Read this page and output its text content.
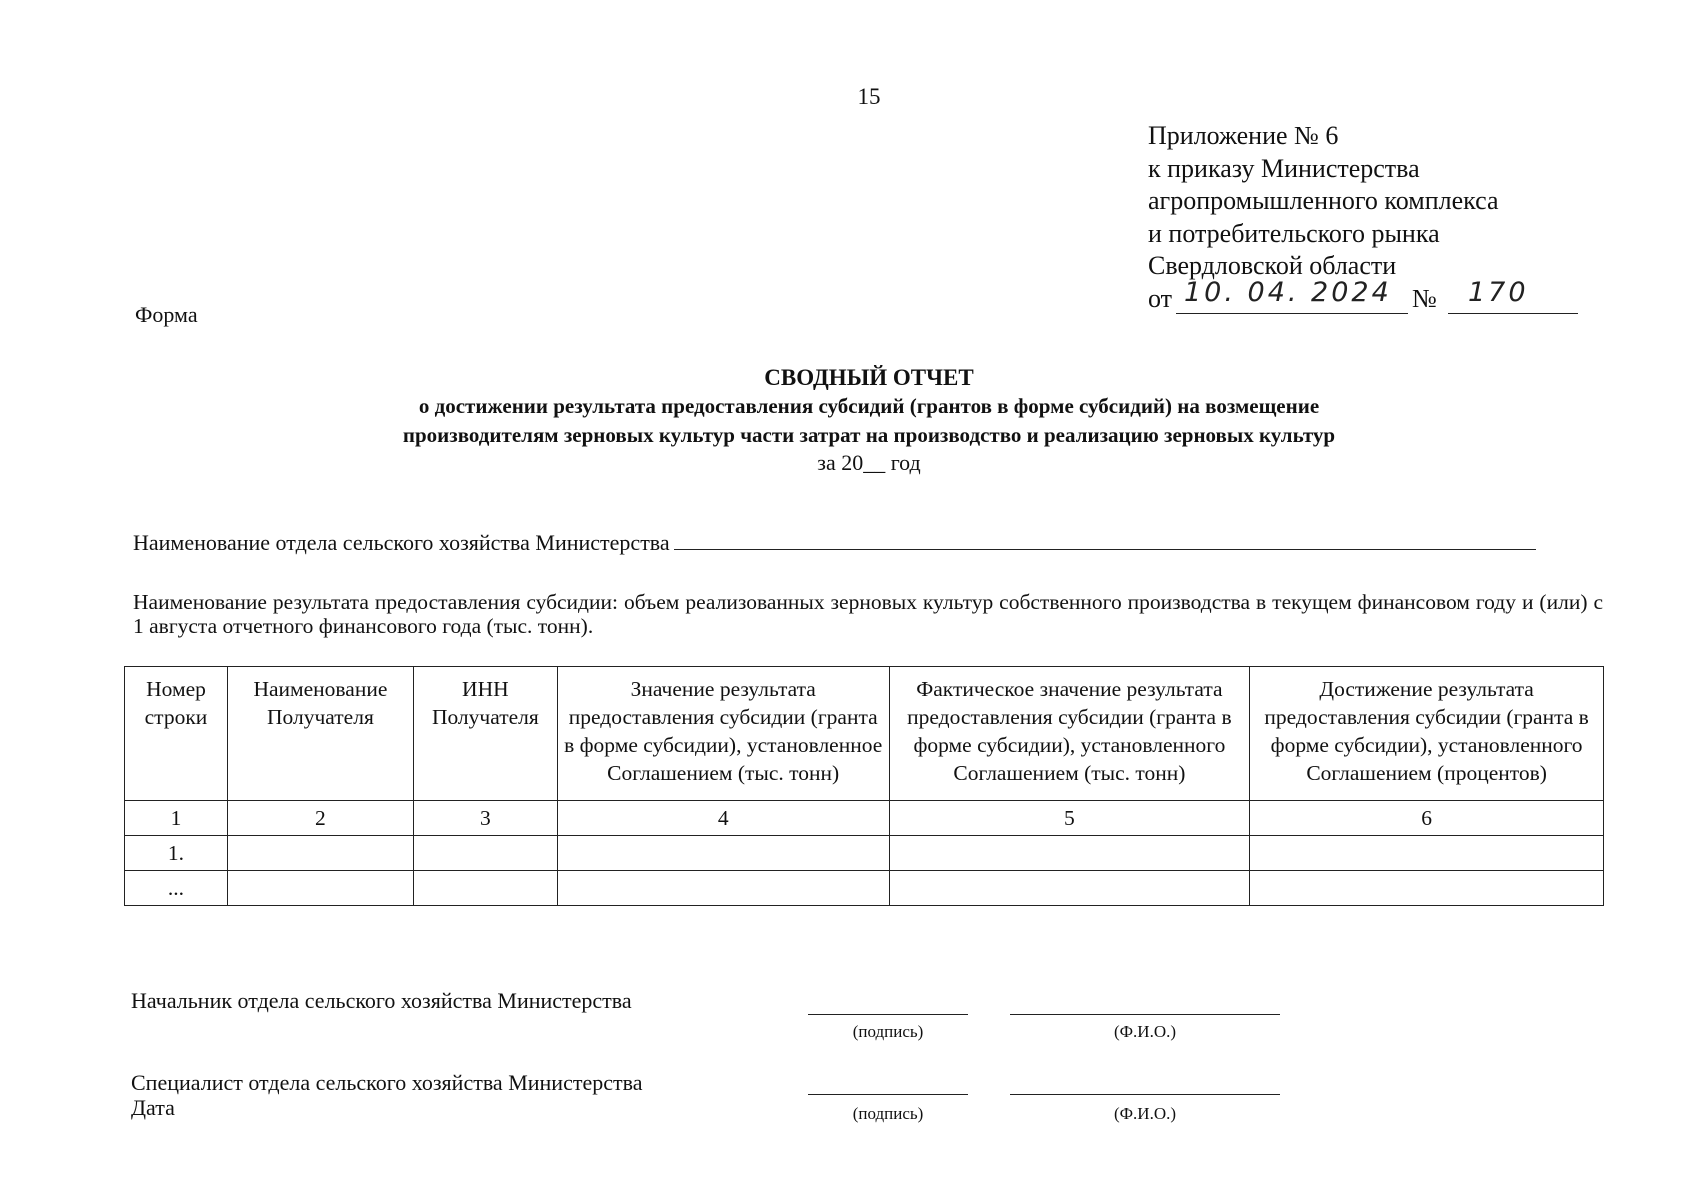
15
Приложение № 6
к приказу Министерства
агропромышленного комплекса
и потребительского рынка
Свердловской области
от 10. 04. 2024 № 170
Форма
СВОДНЫЙ ОТЧЕТ
о достижении результата предоставления субсидий (грантов в форме субсидий) на возмещение
производителям зерновых культур части затрат на производство и реализацию зерновых культур
за 20__ год
Наименование отдела сельского хозяйства Министерства
Наименование результата предоставления субсидии: объем реализованных зерновых культур собственного производства в текущем финансовом году и (или) с 1 августа отчетного финансового года (тыс. тонн).
Номер строки	Наименование Получателя	ИНН Получателя	Значение результата предоставления субсидии (гранта в форме субсидии), установленное Соглашением (тыс. тонн)	Фактическое значение результата предоставления субсидии (гранта в форме субсидии), установленного Соглашением (тыс. тонн)	Достижение результата предоставления субсидии (гранта в форме субсидии), установленного Соглашением (процентов)
1	2	3	4	5	6
1.					
...					
Начальник отдела сельского хозяйства Министерства
(подпись)	(Ф.И.О.)
Специалист отдела сельского хозяйства Министерства
Дата	(подпись)	(Ф.И.О.)
